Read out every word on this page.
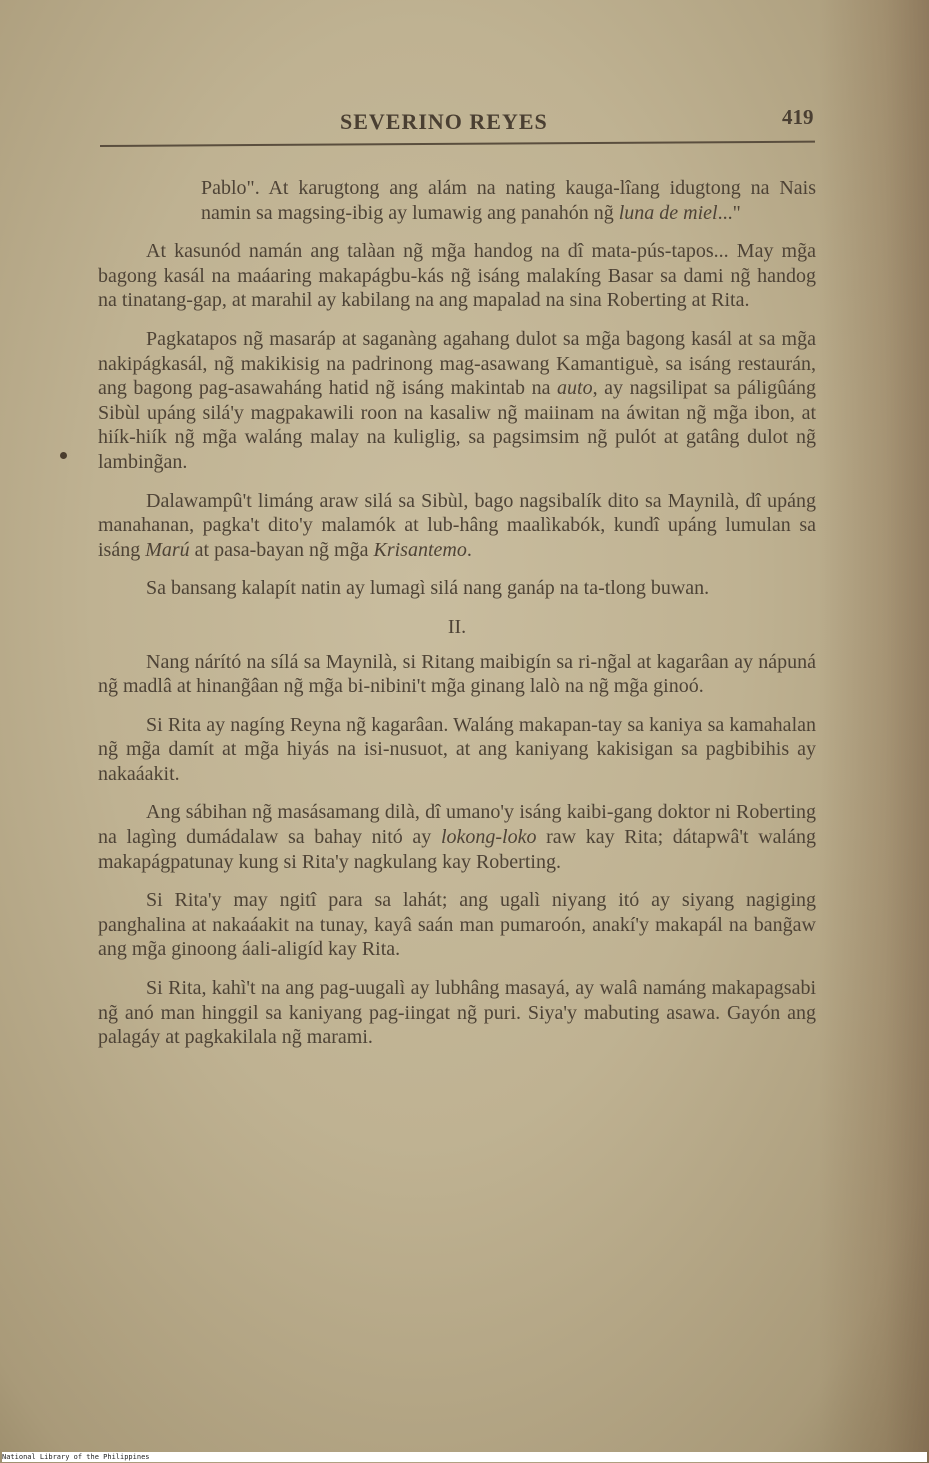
SEVERINO REYES	419

Pablo". At karugtong ang alám na nating kauga-lîang idugtong na Nais namin sa magsing-ibig ay lumawig ang panahón ng̃ luna de miel..."

At kasunód namán ang talàan ng̃ mg̃a handog na dî mata-pús-tapos... May mg̃a bagong kasál na maáaring makapágbu-kás ng̃ isáng malakíng Basar sa dami ng̃ handog na tinatang-gap, at marahil ay kabilang na ang mapalad na sina Roberting at Rita.

Pagkatapos ng̃ masaráp at saganàng agahang dulot sa mg̃a bagong kasál at sa mg̃a nakipágkasál, ng̃ makikisig na padrinong mag-asawang Kamantiguè, sa isáng restaurán, ang bagong pag-asawaháng hatid ng̃ isáng makintab na auto, ay nagsilipat sa páligûáng Sibùl upáng silá'y magpakawili roon na kasaliw ng̃ maiinam na áwitan ng̃ mg̃a ibon, at hiík-hiík ng̃ mg̃a waláng malay na kuliglig, sa pagsimsim ng̃ pulót at gatâng dulot ng̃ lambing̃an.

Dalawampû't limáng araw silá sa Sibùl, bago nagsibalík dito sa Maynilà, dî upáng manahanan, pagka't dito'y malamók at lub-hâng maalìkabók, kundî upáng lumulan sa isáng Marú at pasa-bayan ng̃ mg̃a Krisantemo.

Sa bansang kalapít natin ay lumagì silá nang ganáp na ta-tlong buwan.

II.

Nang nárító na sílá sa Maynilà, si Ritang maibigín sa ri-ng̃al at kagarâan ay nápuná ng̃ madlâ at hinang̃âan ng̃ mg̃a bi-nibini't mg̃a ginang lalò na ng̃ mg̃a ginoó.

Si Rita ay nagíng Reyna ng̃ kagarâan. Waláng makapan-tay sa kaniya sa kamahalan ng̃ mg̃a damít at mg̃a hiyás na isi-nusuot, at ang kaniyang kakisigan sa pagbibihis ay nakaáakit.

Ang sábihan ng̃ masásamang dilà, dî umano'y isáng kaibi-gang doktor ni Roberting na lagìng dumádalaw sa bahay nitó ay lokong-loko raw kay Rita; dátapwâ't waláng makapágpatunay kung si Rita'y nagkulang kay Roberting.

Si Rita'y may ngitî para sa lahát; ang ugalì niyang itó ay siyang nagiging panghalina at nakaáakit na tunay, kayâ saán man pumaroón, anakí'y makapál na bang̃aw ang mg̃a ginoong áali-aligíd kay Rita.

Si Rita, kahì't na ang pag-uugalì ay lubhâng masayá, ay walâ namáng makapagsabi ng̃ anó man hinggil sa kaniyang pag-iingat ng̃ puri. Siya'y mabuting asawa. Gayón ang palagáy at pagkakilala ng̃ marami.

National Library of the Philippines
